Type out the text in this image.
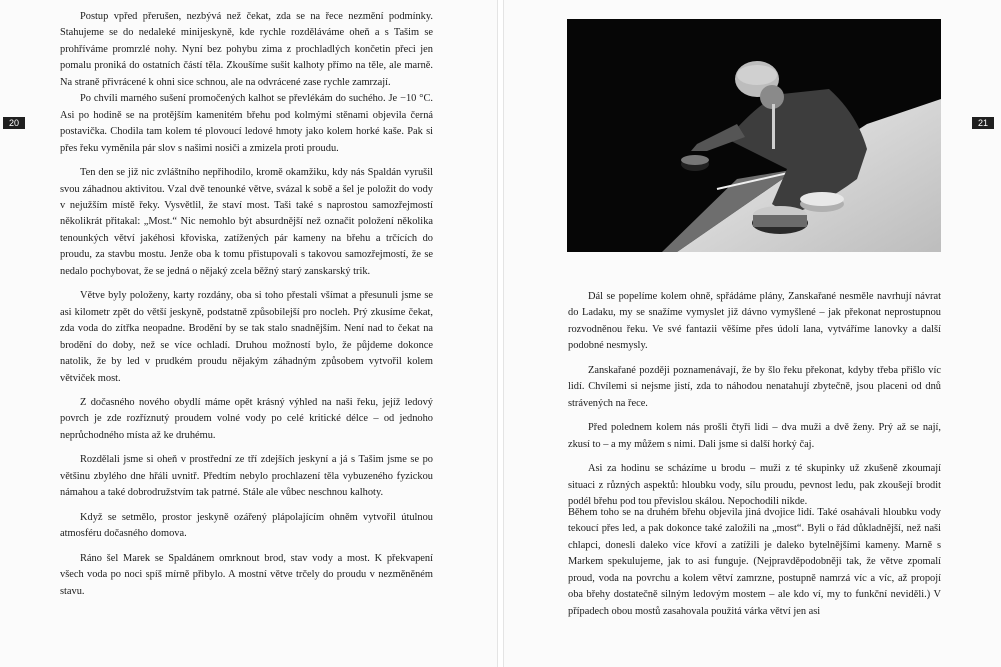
20	21

Postup vpřed přerušen, nezbývá než čekat, zda se na řece nezmění podmínky. Stahujeme se do nedaleké minijeskyně, kde rychle rozděláváme oheň a s Tašim se prohříváme promrzlé nohy. Nyní bez pohybu zima z prochladlých končetin přeci jen pomalu proniká do ostatních částí těla. Zkoušíme sušit kalhoty přímo na těle, ale marně. Na straně přivrácené k ohni sice schnou, ale na odvrácené zase rychle zamrzají.

Po chvíli marného sušení promočených kalhot se převlékám do suchého. Je −10 °C. Asi po hodině se na protějším kamenitém břehu pod kolmými stěnami objevila černá postavička. Chodila tam kolem té plovoucí ledové hmoty jako kolem horké kaše. Pak si přes řeku vyměnila pár slov s našimi nosiči a zmizela proti proudu.

Ten den se již nic zvláštního nepřihodilo, kromě okamžiku, kdy nás Spaldán vyrušil svou záhadnou aktivitou. Vzal dvě tenounké větve, svázal k sobě a šel je položit do vody v nejužším místě řeky. Vysvětlil, že staví most. Taši také s naprostou samozřejmostí několikrát přitakal: „Most.“ Nic nemohlo být absurdnější než označit položení několika tenounkých větví jakéhosi křoviska, zatížených pár kameny na břehu a trčících do proudu, za stavbu mostu. Jenže oba k tomu přistupovali s takovou samozřejmostí, že se nedalo pochybovat, že se jedná o nějaký zcela běžný starý zanskarský trik.

Větve byly položeny, karty rozdány, oba si toho přestali všímat a přesunuli jsme se asi kilometr zpět do větší jeskyně, podstatně způsobilejší pro nocleh. Prý zkusíme čekat, zda voda do zítřka neopadne. Brodění by se tak stalo snadnějším. Není nad to čekat na brodění do doby, než se více ochladí. Druhou možností bylo, že půjdeme dokonce natolik, že by led v prudkém proudu nějakým záhadným způsobem vytvořil kolem větviček most.

Z dočasného nového obydlí máme opět krásný výhled na naši řeku, jejíž ledový povrch je zde rozříznutý proudem volné vody po celé kritické délce – od jednoho neprůchodného místa až ke druhému.

Rozdělali jsme si oheň v prostřední ze tří zdejších jeskyní a já s Tašim jsme se po většinu zbylého dne hřáli uvnitř. Předtím nebylo prochlazení těla vybuzeného fyzickou námahou a také dobrodružstvím tak patrné. Stále ale vůbec neschnou kalhoty.

Když se setmělo, prostor jeskyně ozářený plápolajícím ohněm vytvořil útulnou atmosféru dočasného domova.

Ráno šel Marek se Spaldánem omrknout brod, stav vody a most. K překvapení všech voda po noci spíš mírně přibylo. A mostní větve trčely do proudu v nezměněném stavu.

Dál se popelíme kolem ohně, spřádáme plány, Zanskařané nesměle navrhují návrat do Ladaku, my se snažíme vymyslet již dávno vymyšlené – jak překonat neprostupnou rozvodněnou řeku. Ve své fantazii věšíme přes údolí lana, vytváříme lanovky a další podobné nesmysly.

Zanskařané později poznamenávají, že by šlo řeku překonat, kdyby třeba přišlo víc lidí. Chvílemi si nejsme jistí, zda to náhodou nenatahují zbytečně, jsou placeni od dnů strávených na řece.

Před polednem kolem nás prošli čtyři lidi – dva muži a dvě ženy. Prý až se nají, zkusí to – a my můžem s nimi. Dali jsme si další horký čaj.

Asi za hodinu se scházíme u brodu – muži z té skupinky už zkušeně zkoumají situaci z různých aspektů: hloubku vody, sílu proudu, pevnost ledu, pak zkoušejí brodit podél břehu pod tou převislou skálou. Nepochodili nikde.

Během toho se na druhém břehu objevila jiná dvojice lidí. Také osahávali hloubku vody tekoucí přes led, a pak dokonce také založili na „most“. Byli o řád důkladnější, než naši chlapci, donesli daleko více křoví a zatížili je daleko bytelnějšími kameny. Marně s Markem spekulujeme, jak to asi funguje. (Nejpravděpodobněji tak, že větve zpomalí proud, voda na povrchu a kolem větví zamrzne, postupně namrzá víc a víc, až propojí oba břehy dostatečně silným ledovým mostem – ale kdo ví, my to funkční neviděli.) V případech obou mostů zasahovala použitá várka větví jen asi
